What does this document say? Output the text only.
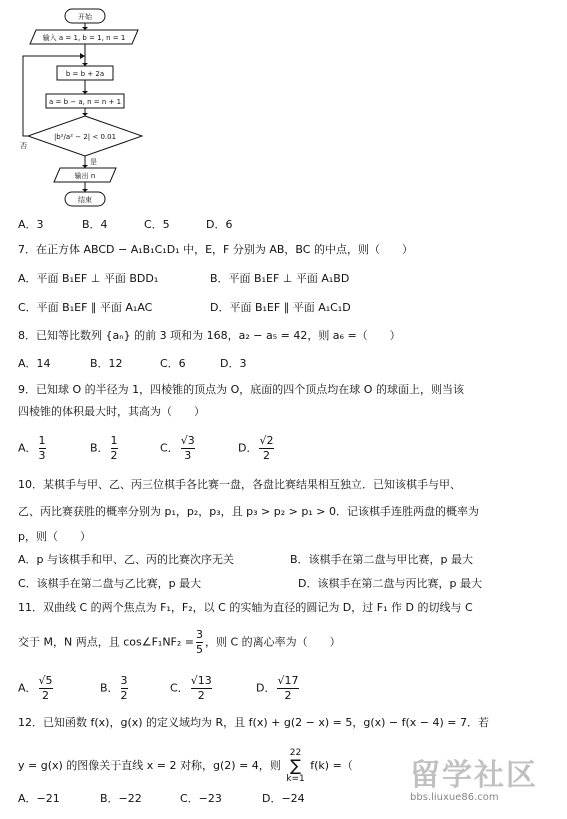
开始
输入 a = 1, b = 1, n = 1
b = b + 2a
a = b − a, n = n + 1
|b²/a² − 2| < 0.01
是
否
输出 n
结束
A．3	B．4	C．5	D．6
7．在正方体 ABCD − A₁B₁C₁D₁ 中，E，F 分别为 AB，BC 的中点，则（　　）
A．平面 B₁EF ⊥ 平面 BDD₁	B．平面 B₁EF ⊥ 平面 A₁BD
C．平面 B₁EF ∥ 平面 A₁AC	D．平面 B₁EF ∥ 平面 A₁C₁D
8．已知等比数列 {aₙ} 的前 3 项和为 168，a₂ − a₅ = 42，则 a₆ =（　　）
A．14	B．12	C．6	D．3
9．已知球 O 的半径为 1，四棱锥的顶点为 O，底面的四个顶点均在球 O 的球面上，则当该
四棱锥的体积最大时，其高为（　　）
A． $\frac{1}{3}$	B． $\frac{1}{2}$	C． $\frac{√3}{3}$	D． $\frac{√2}{2}$
10．某棋手与甲、乙、丙三位棋手各比赛一盘，各盘比赛结果相互独立．已知该棋手与甲、
乙、丙比赛获胜的概率分别为 p₁，p₂，p₃，且 p₃ > p₂ > p₁ > 0．记该棋手连胜两盘的概率为
p，则（　　）
A．p 与该棋手和甲、乙、丙的比赛次序无关	B．该棋手在第二盘与甲比赛，p 最大
C．该棋手在第二盘与乙比赛，p 最大	D．该棋手在第二盘与丙比赛，p 最大
11．双曲线 C 的两个焦点为 F₁，F₂，以 C 的实轴为直径的圆记为 D，过 F₁ 作 D 的切线与 C
交于 M，N 两点，且 cos∠F₁NF₂ = $\frac{3}{5}$ ，则 C 的离心率为（　　）
A． $\frac{√5}{2}$	B． $\frac{3}{2}$	C． $\frac{√13}{2}$	D． $\frac{√17}{2}$
12．已知函数 f(x)，g(x) 的定义域均为 R，且 f(x) + g(2 − x) = 5，g(x) − f(x − 4) = 7．若
y = g(x) 的图像关于直线 x = 2 对称，g(2) = 4，则
22
∑
k=1
f(k) =（
A．−21	B．−22	C．−23	D．−24
留学社区
bbs.liuxue86.com
